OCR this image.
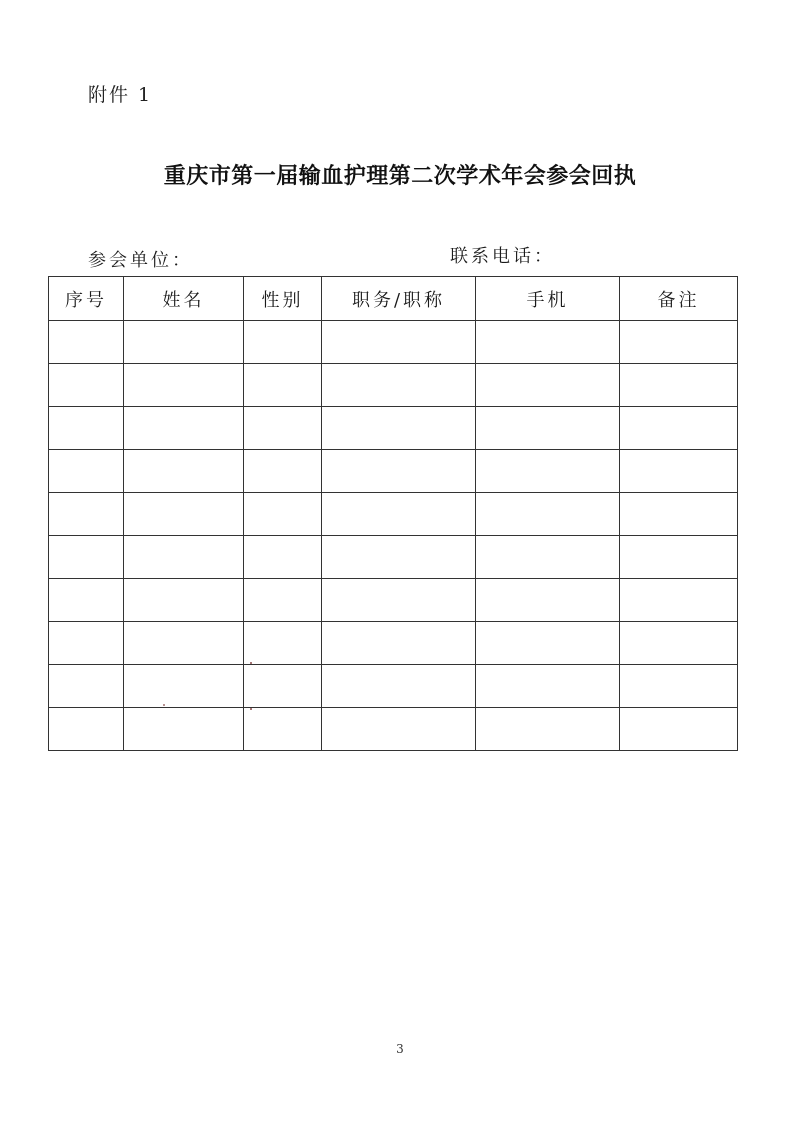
附件 1
重庆市第一届输血护理第二次学术年会参会回执
参会单位：	联系电话：
序号	姓名	性别	职务/职称	手机	备注

3
